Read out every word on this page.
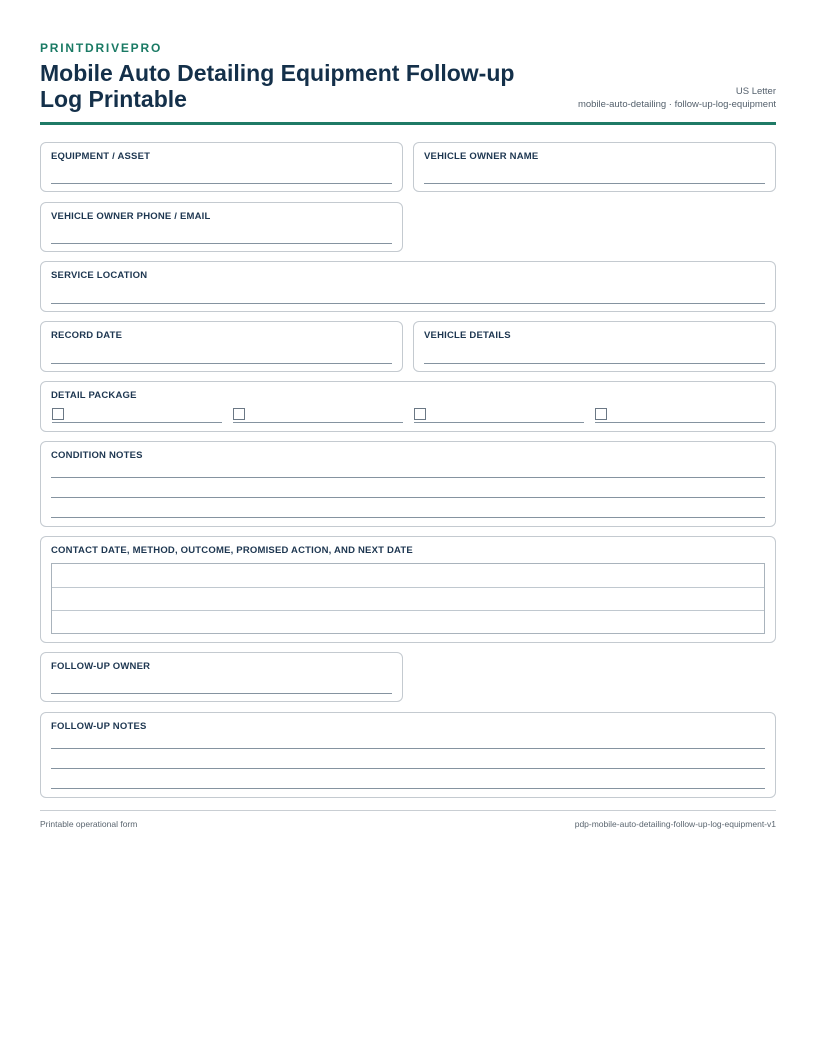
PRINTDRIVEPRO
Mobile Auto Detailing Equipment Follow-up Log Printable	US Letter
mobile-auto-detailing · follow-up-log-equipment
EQUIPMENT / ASSET	VEHICLE OWNER NAME
VEHICLE OWNER PHONE / EMAIL
SERVICE LOCATION
RECORD DATE	VEHICLE DETAILS
DETAIL PACKAGE
CONDITION NOTES
CONTACT DATE, METHOD, OUTCOME, PROMISED ACTION, AND NEXT DATE
FOLLOW-UP OWNER
FOLLOW-UP NOTES
Printable operational form	pdp-mobile-auto-detailing-follow-up-log-equipment-v1
